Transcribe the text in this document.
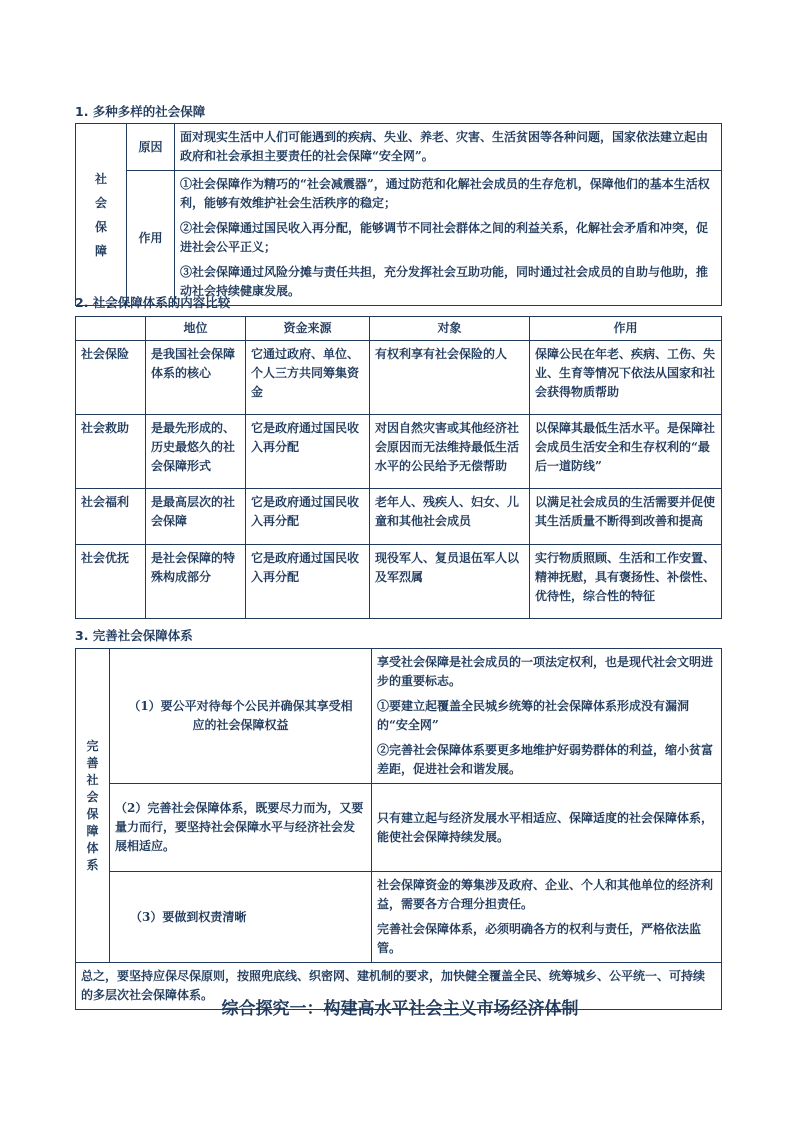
1. 多种多样的社会保障
社会保障	原因	面对现实生活中人们可能遇到的疾病、失业、养老、灾害、生活贫困等各种问题，国家依法建立起由政府和社会承担主要责任的社会保障“安全网”。
	作用	①社会保障作为精巧的“社会减震器”，通过防范和化解社会成员的生存危机，保障他们的基本生活权利，能够有效维护社会生活秩序的稳定；
②社会保障通过国民收入再分配，能够调节不同社会群体之间的利益关系，化解社会矛盾和冲突，促进社会公平正义；
③社会保障通过风险分摊与责任共担，充分发挥社会互助功能，同时通过社会成员的自助与他助，推动社会持续健康发展。
2. 社会保障体系的内容比较
	地位	资金来源	对象	作用
社会保险	是我国社会保障体系的核心	它通过政府、单位、个人三方共同筹集资金	有权利享有社会保险的人	保障公民在年老、疾病、工伤、失业、生育等情况下依法从国家和社会获得物质帮助
社会救助	是最先形成的、历史最悠久的社会保障形式	它是政府通过国民收入再分配	对因自然灾害或其他经济社会原因而无法维持最低生活水平的公民给予无偿帮助	以保障其最低生活水平。是保障社会成员生活安全和生存权利的“最后一道防线”
社会福利	是最高层次的社会保障	它是政府通过国民收入再分配	老年人、残疾人、妇女、儿童和其他社会成员	以满足社会成员的生活需要并促使其生活质量不断得到改善和提高
社会优抚	是社会保障的特殊构成部分	它是政府通过国民收入再分配	现役军人、复员退伍军人以及军烈属	实行物质照顾、生活和工作安置、精神抚慰，具有褒扬性、补偿性、优待性，综合性的特征
3. 完善社会保障体系
完善社会保障体系	（1）要公平对待每个公民并确保其享受相应的社会保障权益	享受社会保障是社会成员的一项法定权利，也是现代社会文明进步的重要标志。
①要建立起覆盖全民城乡统筹的社会保障体系形成没有漏洞的“安全网”
②完善社会保障体系要更多地维护好弱势群体的利益，缩小贫富差距，促进社会和谐发展。

	（2）完善社会保障体系，既要尽力而为，又要量力而行，要坚持社会保障水平与经济社会发展相适应。	只有建立起与经济发展水平相适应、保障适度的社会保障体系，能使社会保障持续发展。

	（3）要做到权责清晰	社会保障资金的筹集涉及政府、企业、个人和其他单位的经济利益，需要各方合理分担责任。
完善社会保障体系，必须明确各方的权利与责任，严格依法监管。

总之，要坚持应保尽保原则，按照兜底线、织密网、建机制的要求，加快健全覆盖全民、统筹城乡、公平统一、可持续的多层次社会保障体系。		
综合探究一：构建高水平社会主义市场经济体制
